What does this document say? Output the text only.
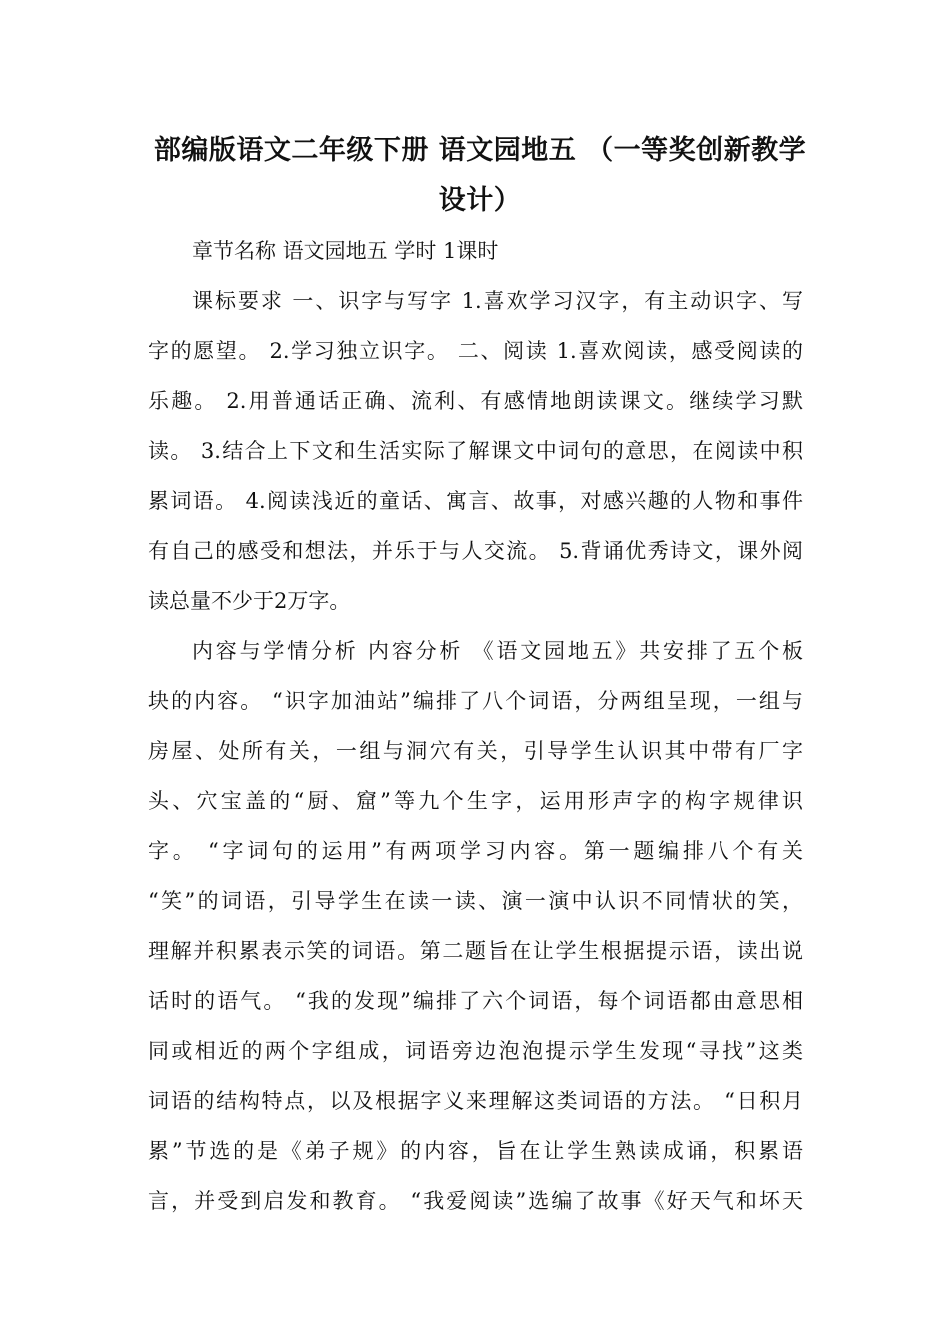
部编版语文二年级下册 语文园地五 （一等奖创新教学
设计）
章节名称 语文园地五 学时 1课时
课标要求 一、识字与写字 1.喜欢学习汉字，有主动识字、写
字的愿望。 2.学习独立识字。 二、阅读 1.喜欢阅读，感受阅读的
乐趣。 2.用普通话正确、流利、有感情地朗读课文。继续学习默
读。 3.结合上下文和生活实际了解课文中词句的意思，在阅读中积
累词语。 4.阅读浅近的童话、寓言、故事，对感兴趣的人物和事件
有自己的感受和想法，并乐于与人交流。 5.背诵优秀诗文，课外阅
读总量不少于2万字。
内容与学情分析 内容分析 《语文园地五》共安排了五个板
块的内容。 “识字加油站”编排了八个词语，分两组呈现，一组与
房屋、处所有关，一组与洞穴有关，引导学生认识其中带有厂字
头、穴宝盖的“厨、窟”等九个生字，运用形声字的构字规律识
字。 “字词句的运用”有两项学习内容。第一题编排八个有关
“笑”的词语，引导学生在读一读、演一演中认识不同情状的笑，
理解并积累表示笑的词语。第二题旨在让学生根据提示语，读出说
话时的语气。 “我的发现”编排了六个词语，每个词语都由意思相
同或相近的两个字组成，词语旁边泡泡提示学生发现“寻找”这类
词语的结构特点，以及根据字义来理解这类词语的方法。 “日积月
累”节选的是《弟子规》的内容，旨在让学生熟读成诵，积累语
言，并受到启发和教育。 “我爱阅读”选编了故事《好天气和坏天
